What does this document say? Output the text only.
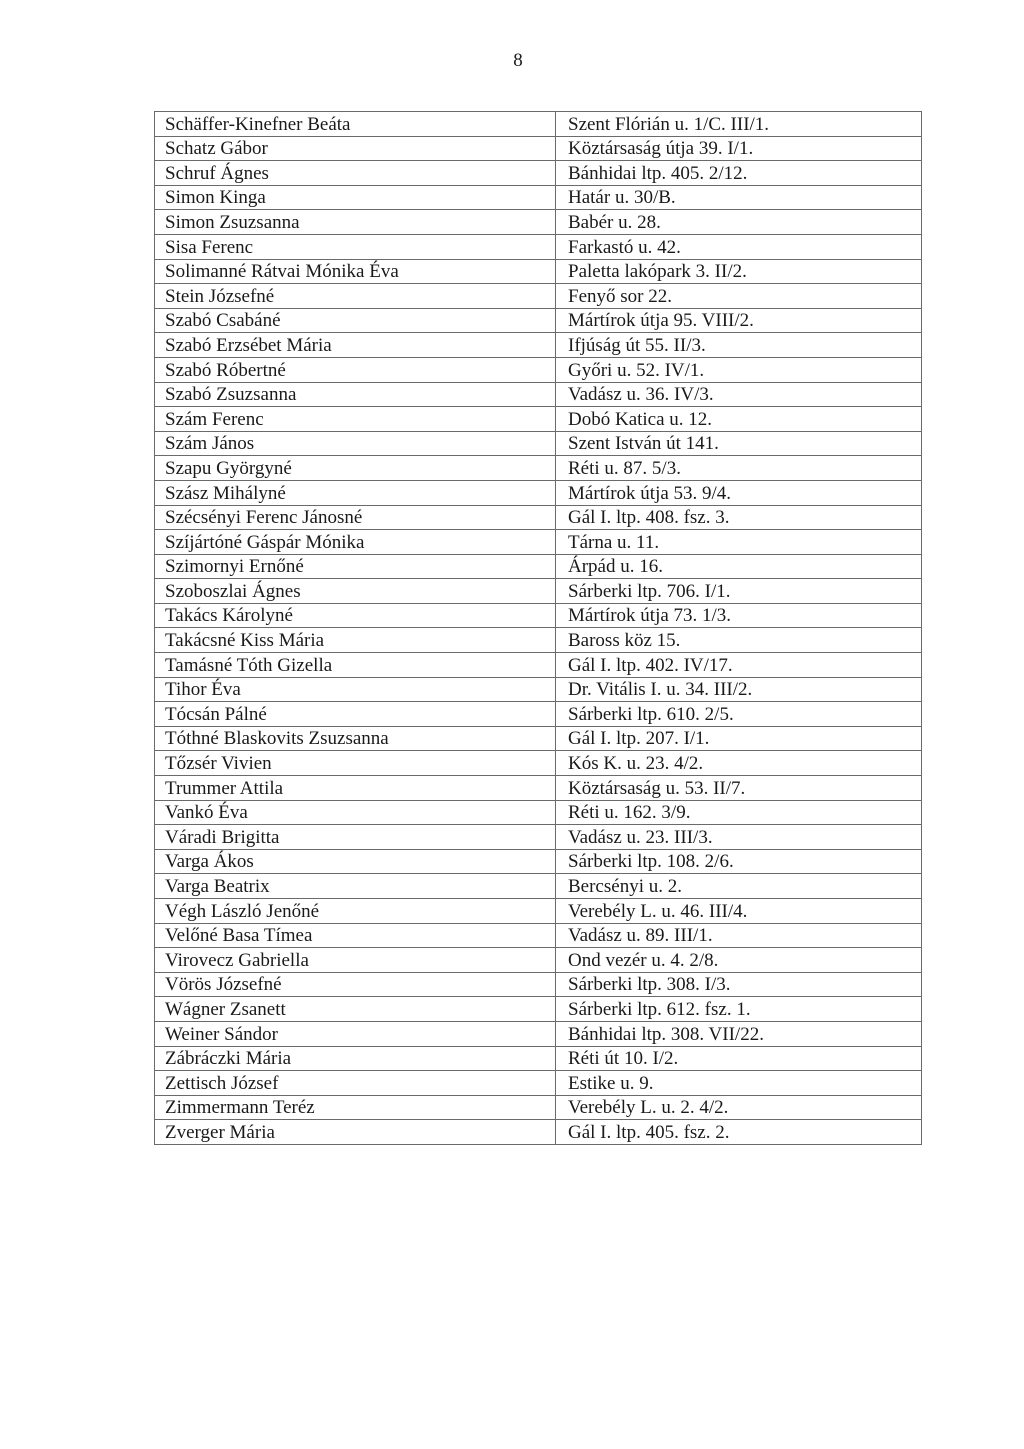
8
Schäffer-Kinefner Beáta	Szent Flórián u. 1/C. III/1.
Schatz Gábor	Köztársaság útja 39. I/1.
Schruf Ágnes	Bánhidai ltp. 405. 2/12.
Simon Kinga	Határ u. 30/B.
Simon Zsuzsanna	Babér u. 28.
Sisa Ferenc	Farkastó u. 42.
Solimanné Rátvai Mónika Éva	Paletta lakópark 3. II/2.
Stein Józsefné	Fenyő sor 22.
Szabó Csabáné	Mártírok útja 95. VIII/2.
Szabó Erzsébet Mária	Ifjúság út 55. II/3.
Szabó Róbertné	Győri u. 52. IV/1.
Szabó Zsuzsanna	Vadász u. 36. IV/3.
Szám Ferenc	Dobó Katica u. 12.
Szám János	Szent István út 141.
Szapu Györgyné	Réti u. 87. 5/3.
Szász Mihályné	Mártírok útja 53. 9/4.
Szécsényi Ferenc Jánosné	Gál I. ltp. 408. fsz. 3.
Szíjártóné Gáspár Mónika	Tárna u. 11.
Szimornyi Ernőné	Árpád u. 16.
Szoboszlai Ágnes	Sárberki ltp. 706. I/1.
Takács Károlyné	Mártírok útja 73. 1/3.
Takácsné Kiss Mária	Baross köz 15.
Tamásné Tóth Gizella	Gál I. ltp. 402. IV/17.
Tihor Éva	Dr. Vitális I. u. 34. III/2.
Tócsán Pálné	Sárberki ltp. 610. 2/5.
Tóthné Blaskovits Zsuzsanna	Gál I. ltp. 207. I/1.
Tőzsér Vivien	Kós K. u. 23. 4/2.
Trummer Attila	Köztársaság u. 53. II/7.
Vankó Éva	Réti u. 162. 3/9.
Váradi Brigitta	Vadász u. 23. III/3.
Varga Ákos	Sárberki ltp. 108. 2/6.
Varga Beatrix	Bercsényi u. 2.
Végh László Jenőné	Verebély L. u. 46. III/4.
Velőné Basa Tímea	Vadász u. 89. III/1.
Virovecz Gabriella	Ond vezér u. 4. 2/8.
Vörös Józsefné	Sárberki ltp. 308. I/3.
Wágner Zsanett	Sárberki ltp. 612. fsz. 1.
Weiner Sándor	Bánhidai ltp. 308. VII/22.
Zábráczki Mária	Réti út 10. I/2.
Zettisch József	Estike u. 9.
Zimmermann Teréz	Verebély L. u. 2. 4/2.
Zverger Mária	Gál I. ltp. 405. fsz. 2.
